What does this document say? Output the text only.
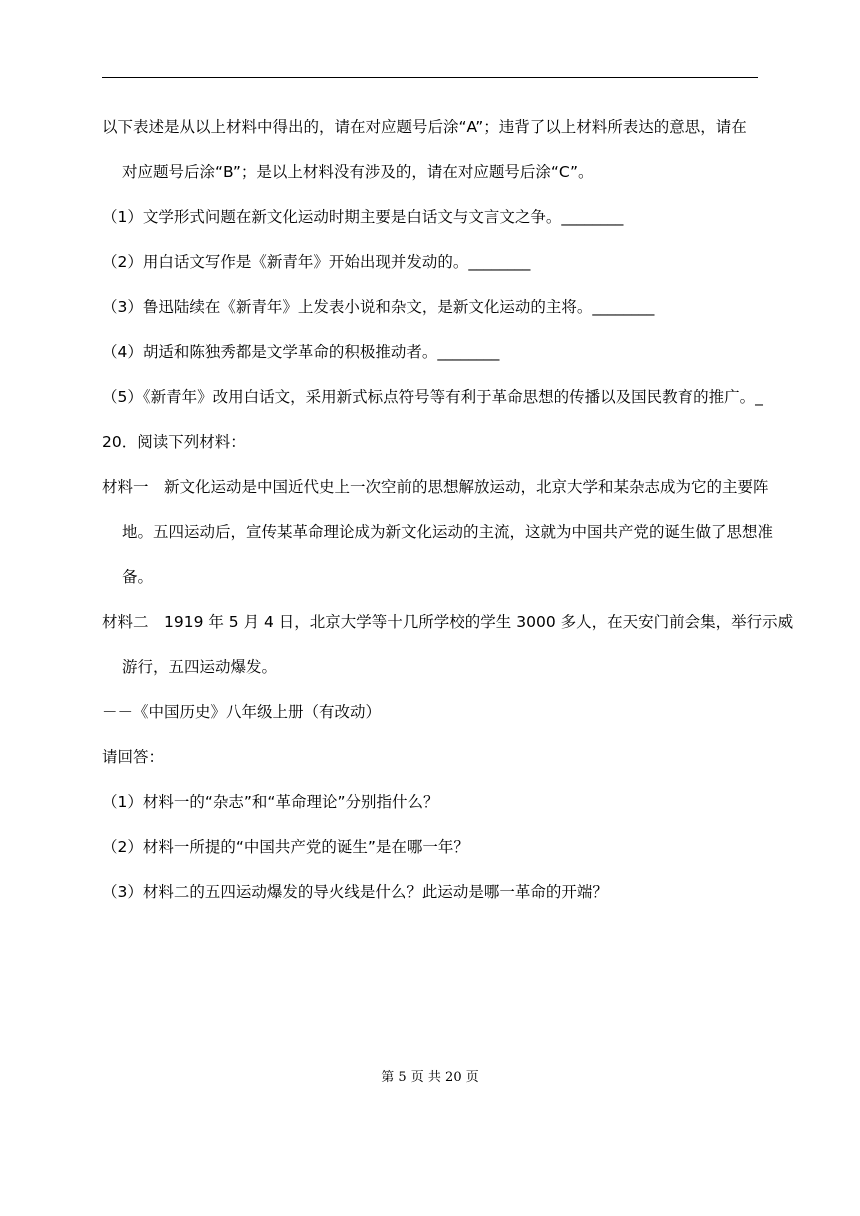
以下表述是从以上材料中得出的，请在对应题号后涂“A”；违背了以上材料所表达的意思，请在
对应题号后涂“B”；是以上材料没有涉及的，请在对应题号后涂“C”。
（1）文学形式问题在新文化运动时期主要是白话文与文言文之争。________
（2）用白话文写作是《新青年》开始出现并发动的。________
（3）鲁迅陆续在《新青年》上发表小说和杂文，是新文化运动的主将。________
（4）胡适和陈独秀都是文学革命的积极推动者。________
（5）《新青年》改用白话文，采用新式标点符号等有利于革命思想的传播以及国民教育的推广。_
20．阅读下列材料：
材料一　新文化运动是中国近代史上一次空前的思想解放运动，北京大学和某杂志成为它的主要阵
地。五四运动后，宣传某革命理论成为新文化运动的主流，这就为中国共产党的诞生做了思想准
备。
材料二　1919 年 5 月 4 日，北京大学等十几所学校的学生 3000 多人，在天安门前会集，举行示威
游行，五四运动爆发。
－－《中国历史》八年级上册（有改动）
请回答：
（1）材料一的“杂志”和“革命理论”分别指什么？
（2）材料一所提的“中国共产党的诞生”是在哪一年？
（3）材料二的五四运动爆发的导火线是什么？此运动是哪一革命的开端？
第 5 页 共 20 页
